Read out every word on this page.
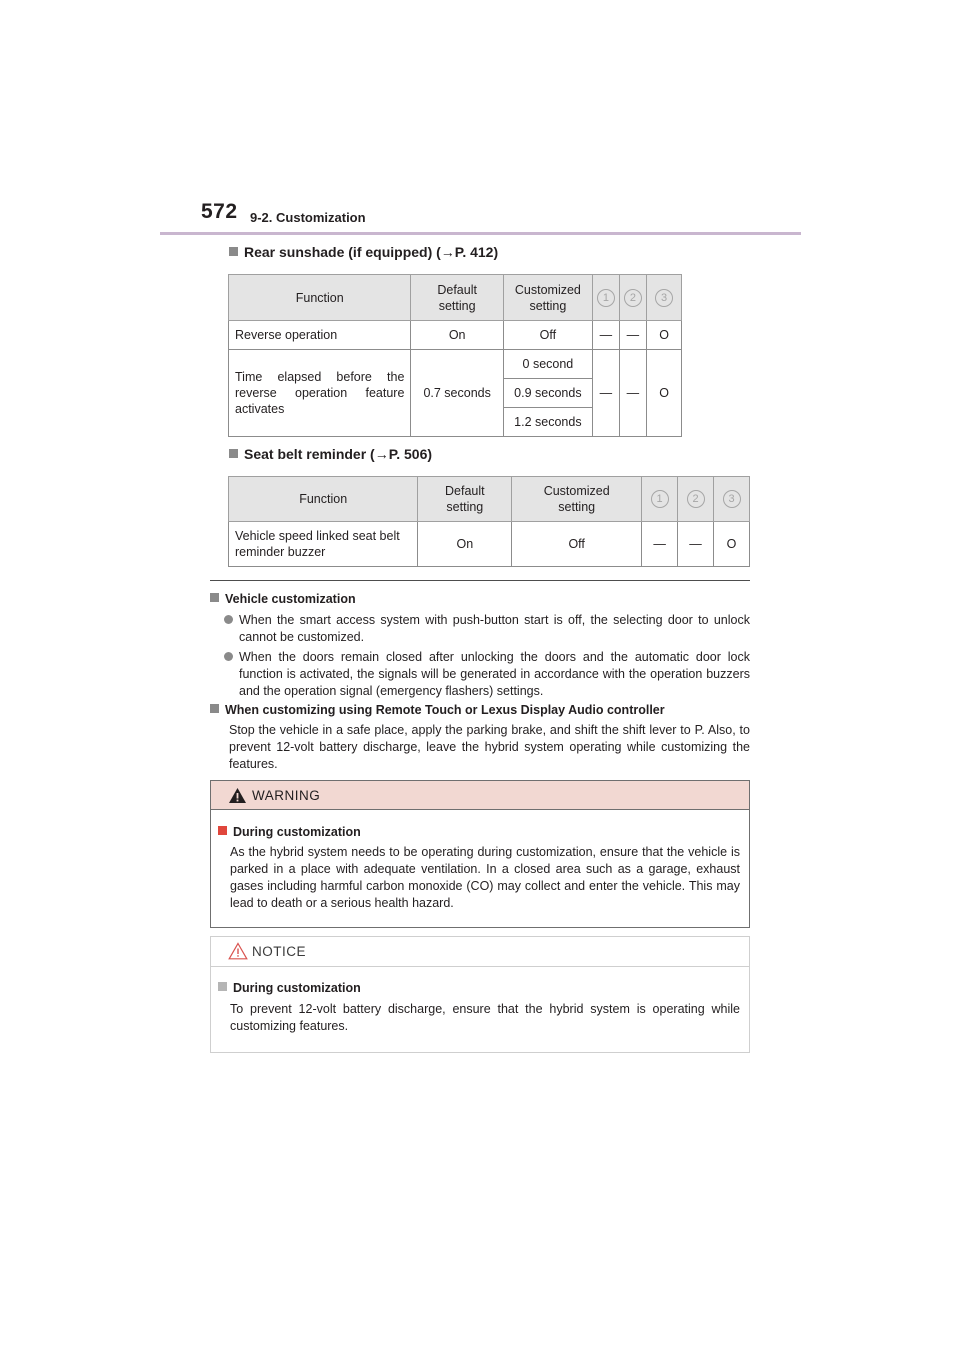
572 9-2. Customization
Rear sunshade (if equipped) (→P. 412)
Function	Default setting	Customized setting	1	2	3
Reverse operation	On	Off	—	—	O
Time elapsed before the reverse operation feature activates	0.7 seconds	0 second	—	—	O
		0.9 seconds			
		1.2 seconds			
Seat belt reminder (→P. 506)
Function	Default setting	Customized setting	1	2	3
Vehicle speed linked seat belt reminder buzzer	On	Off	—	—	O
Vehicle customization
When the smart access system with push-button start is off, the selecting door to unlock cannot be customized.
When the doors remain closed after unlocking the doors and the automatic door lock function is activated, the signals will be generated in accordance with the operation buzzers and the operation signal (emergency flashers) settings.
When customizing using Remote Touch or Lexus Display Audio controller
Stop the vehicle in a safe place, apply the parking brake, and shift the shift lever to P. Also, to prevent 12-volt battery discharge, leave the hybrid system operating while customizing the features.
WARNING
During customization
As the hybrid system needs to be operating during customization, ensure that the vehicle is parked in a place with adequate ventilation. In a closed area such as a garage, exhaust gases including harmful carbon monoxide (CO) may collect and enter the vehicle. This may lead to death or a serious health hazard.
NOTICE
During customization
To prevent 12-volt battery discharge, ensure that the hybrid system is operating while customizing features.
